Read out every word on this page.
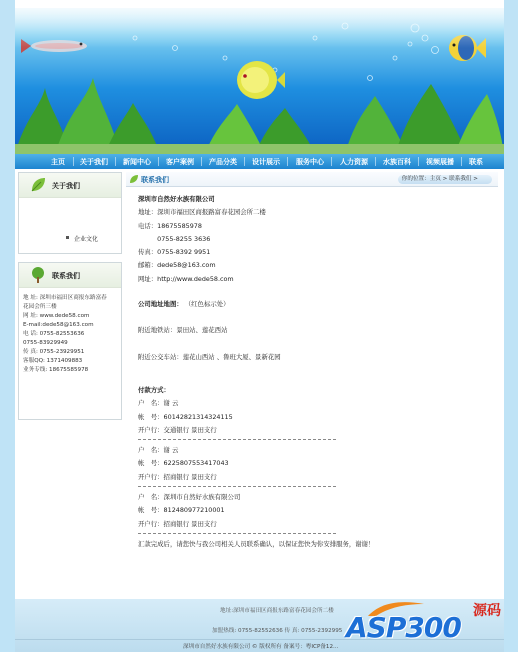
主页 关于我们 新闻中心 客户案例 产品分类 设计展示 服务中心 人力资源 水族百科 视频展播 联系
关于我们
企业文化
联系我们
地 址: 深圳市福田区商报东路富春
花园会所三楼
网 址: www.dede58.com
E-mail:dede58@163.com
电 话: 0755-82553636
0755-83929949
传 真: 0755-23929951
客服QQ: 1371409883
业务专线: 18675585978
联系我们	你的位置：主页 > 联系我们 >
深圳市自然好水族有限公司
地址：深圳市福田区商报路富春花园会所二楼
电话：18675585978
　　　0755-8255 3636
传真：0755-8392 9951
邮箱：dede58@163.com
网址：http://www.dede58.com
公司地址地图： （红色标示处）
附近地铁站：景田站、莲花西站
附近公交车站：莲花山西站 、鲁班大厦、景新花园
付款方式：
户　名：谢 云
帐　号：60142821314324115
开户行：交通银行 景田支行
户　名：谢 云
帐　号：6225807553417043
开户行：招商银行 景田支行
户　名：深圳市自然好水族有限公司
帐　号：812480977210001
开户行：招商银行 景田支行
汇款完成后，请您快与我公司相关人员联系确认，以保证您快为你安排服务，谢谢！
地址:深圳市福田区商报东路富春花园会所二楼
加盟热线: 0755-82552636 传 真: 0755-2392995
深圳市自然好水族有限公司 © 版权所有 备案号：粤ICP备12...
ASP300 源码
